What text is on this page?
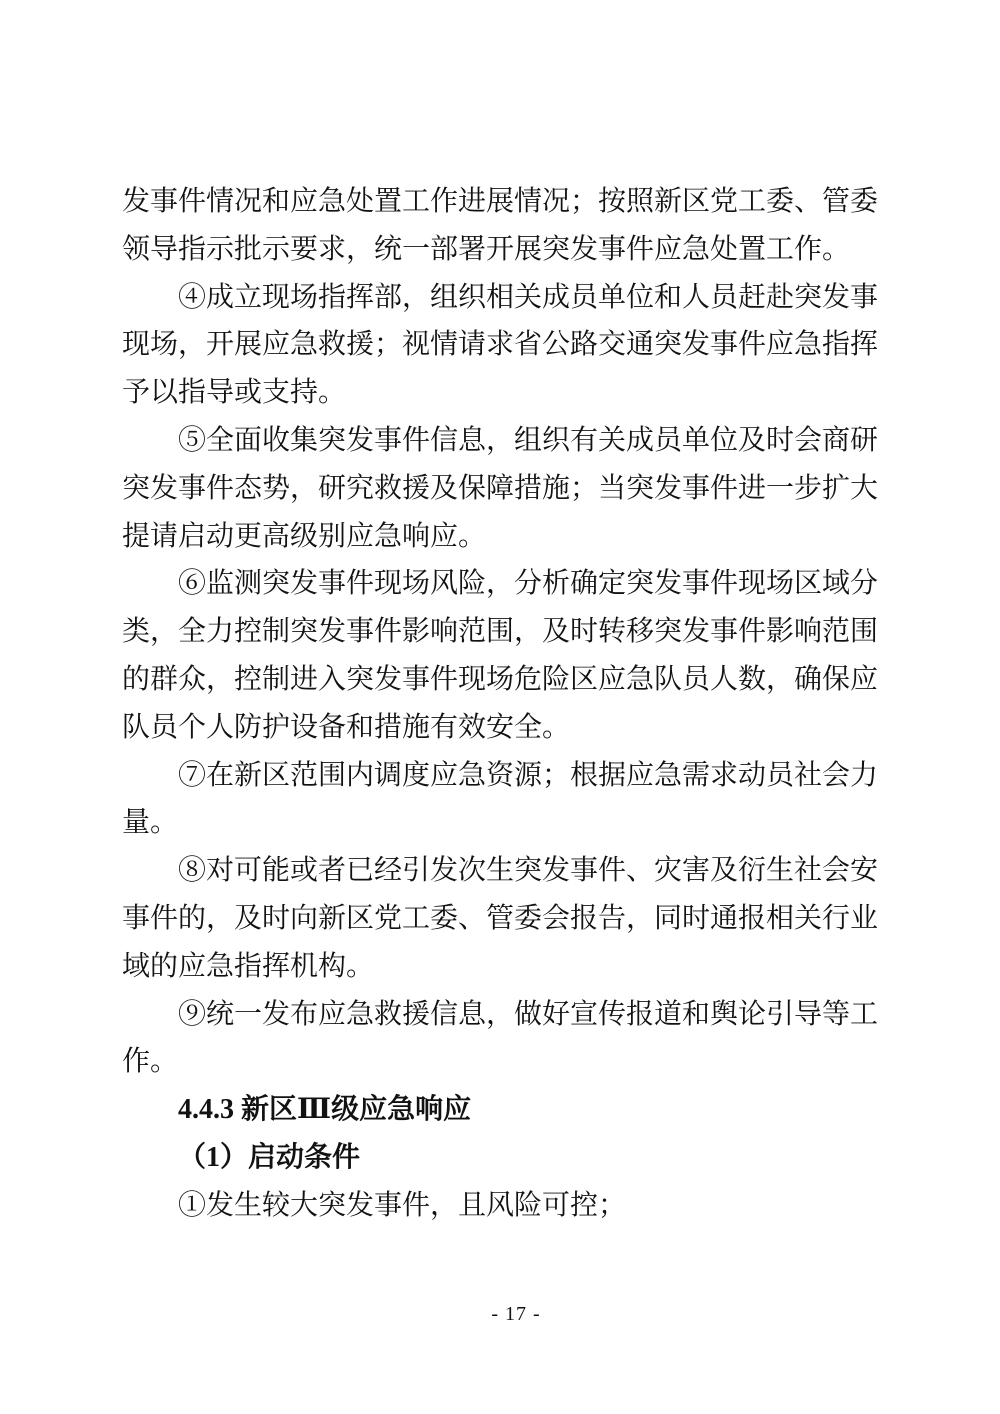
发事件情况和应急处置工作进展情况；按照新区党工委、管委
领导指示批示要求，统一部署开展突发事件应急处置工作。
④成立现场指挥部，组织相关成员单位和人员赶赴突发事
现场，开展应急救援；视情请求省公路交通突发事件应急指挥
予以指导或支持。
⑤全面收集突发事件信息，组织有关成员单位及时会商研
突发事件态势，研究救援及保障措施；当突发事件进一步扩大
提请启动更高级别应急响应。
⑥监测突发事件现场风险，分析确定突发事件现场区域分
类，全力控制突发事件影响范围，及时转移突发事件影响范围
的群众，控制进入突发事件现场危险区应急队员人数，确保应
队员个人防护设备和措施有效安全。
⑦在新区范围内调度应急资源；根据应急需求动员社会力
量。
⑧对可能或者已经引发次生突发事件、灾害及衍生社会安
事件的，及时向新区党工委、管委会报告，同时通报相关行业
域的应急指挥机构。
⑨统一发布应急救援信息，做好宣传报道和舆论引导等工
作。
4.4.3 新区Ⅲ级应急响应
（1）启动条件
①发生较大突发事件，且风险可控；
- 17 -
